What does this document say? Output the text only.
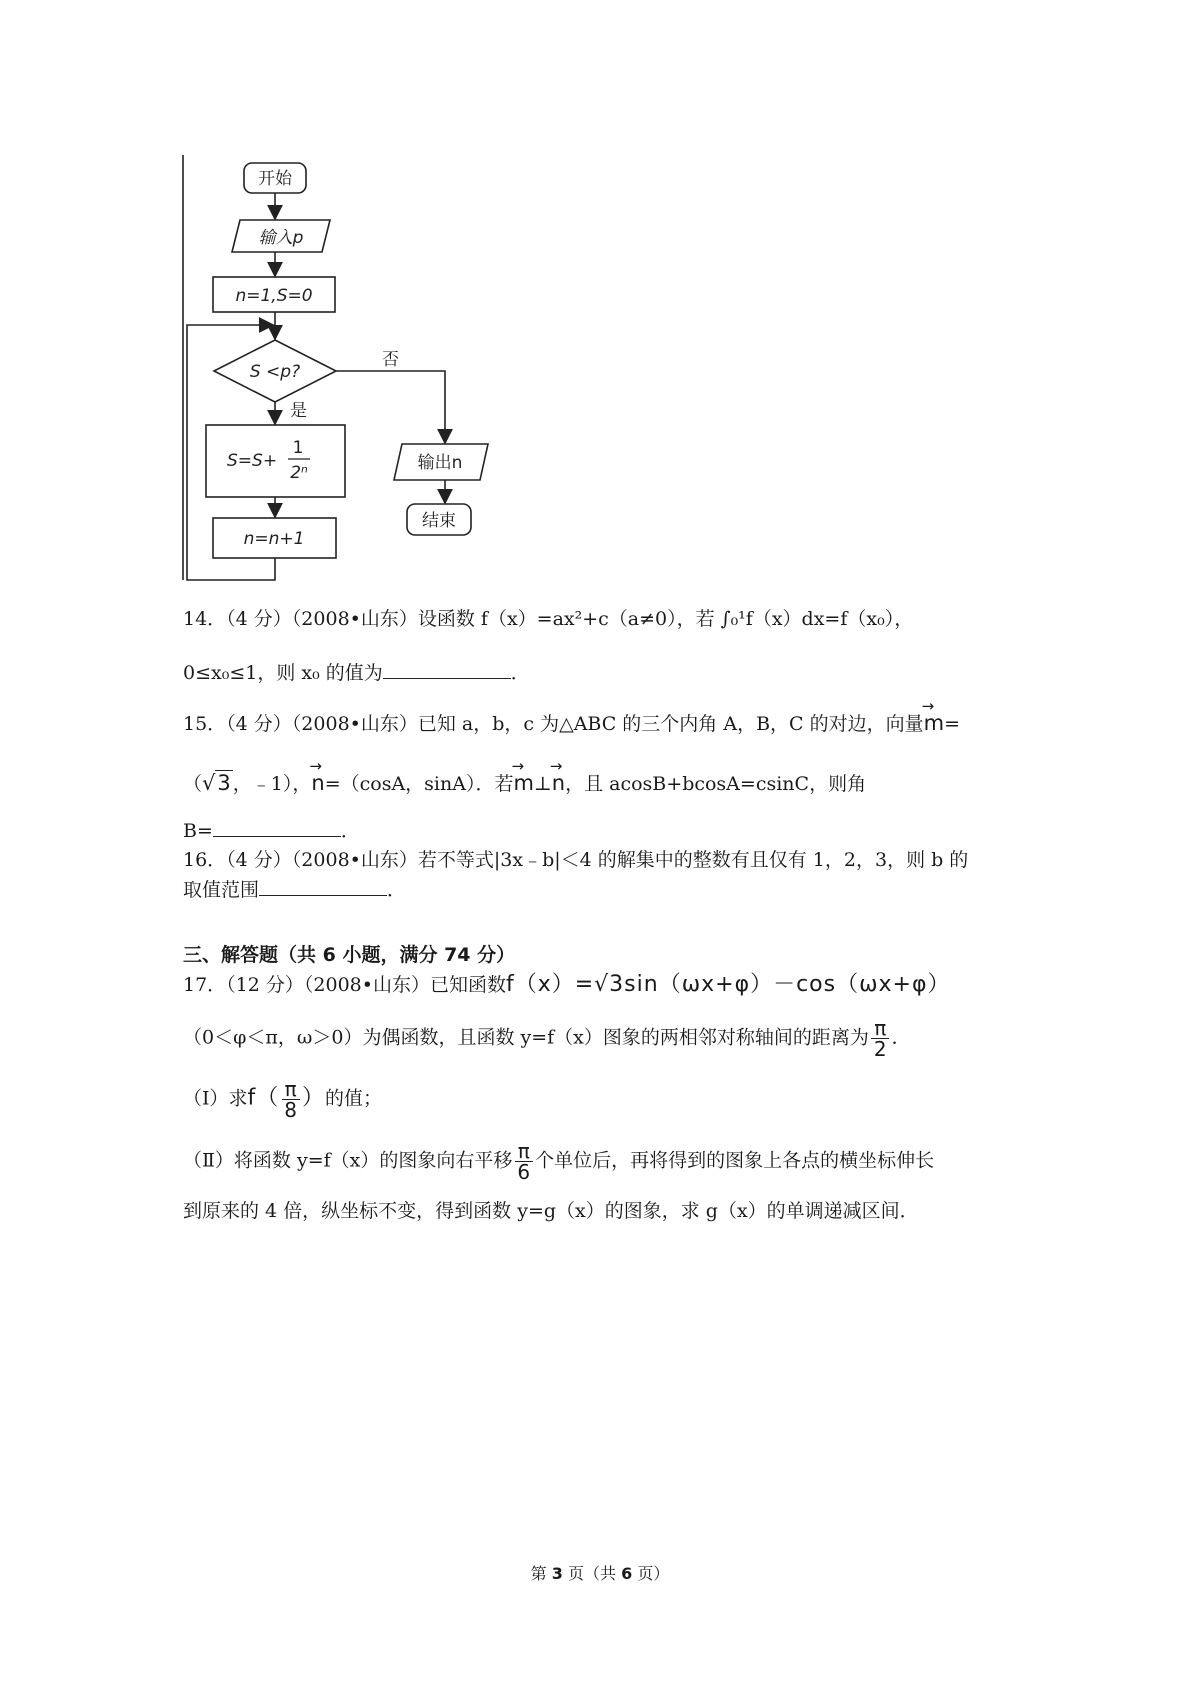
开始
输入p
n=1,S=0
S <p?
否
是
S=S+
1
2ⁿ
n=n+1
输出n
结束
14．（4 分）（2008•山东）设函数 f（x）=ax²+c（a≠0），若 ∫₀¹f（x）dx=f（x₀），
0≤x₀≤1，则 x₀ 的值为	．
15．（4 分）（2008•山东）已知 a，b，c 为△ABC 的三个内角 A，B，C 的对边，向量→ m=
（√3 ，﹣1），→ n=（cosA，sinA）．若→ m⊥→ n，且 acosB+bcosA=csinC，则角
B=	．
16．（4 分）（2008•山东）若不等式|3x﹣b|＜4 的解集中的整数有且仅有 1，2，3，则 b 的
取值范围	．
三、解答题（共 6 小题，满分 74 分）
17．（12 分）（2008•山东）已知函数f（x）=√3sin（ωx+φ）－cos（ωx+φ）
（0＜φ＜π，ω＞0）为偶函数，且函数 y=f（x）图象的两相邻对称轴间的距离为 $\frac{\pi}{2}$ ．
（Ⅰ）求$f( \frac{\pi}{8}$ ）的值；
（Ⅱ）将函数 y=f（x）的图象向右平移 $\frac{\pi}{6}$ 个单位后，再将得到的图象上各点的横坐标伸长
到原来的 4 倍，纵坐标不变，得到函数 y=g（x）的图象，求 g（x）的单调递减区间．
第 3 页（共 6 页）
